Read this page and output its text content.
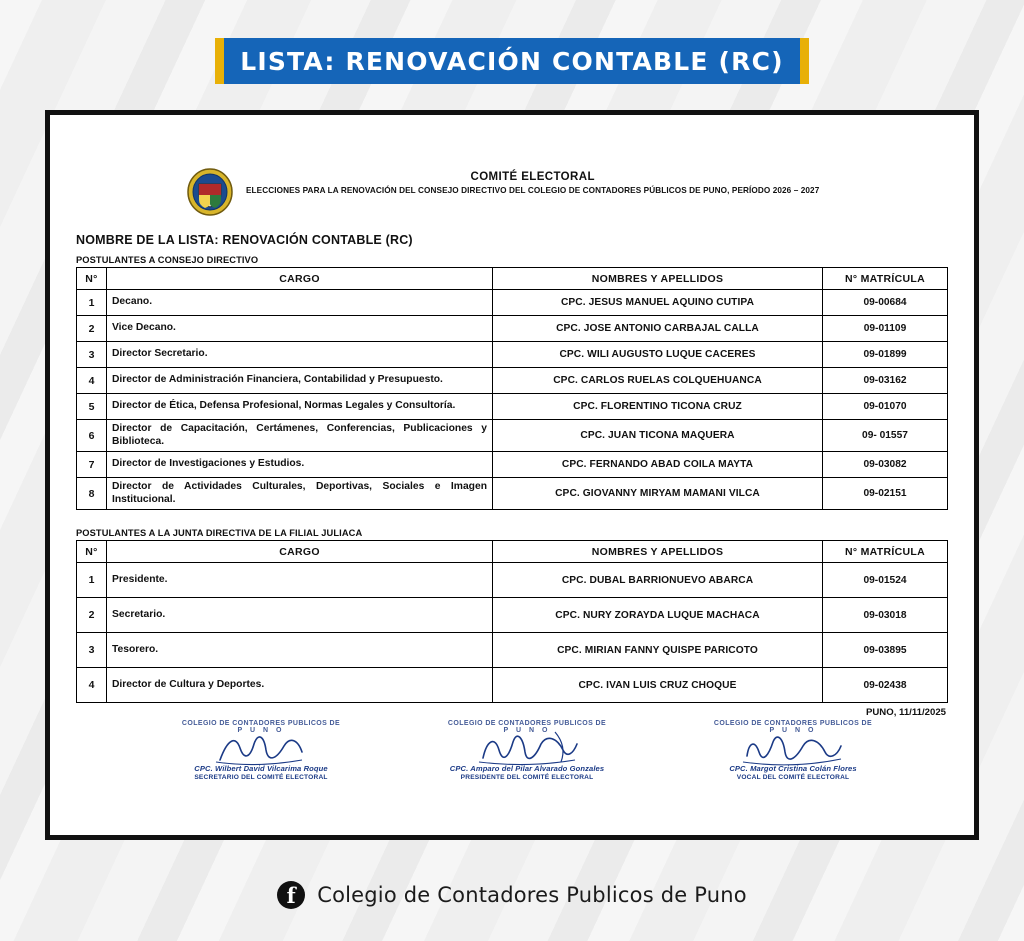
LISTA: RENOVACIÓN CONTABLE (RC)
COMITÉ ELECTORAL
ELECCIONES PARA LA RENOVACIÓN DEL CONSEJO DIRECTIVO DEL COLEGIO DE CONTADORES PÚBLICOS DE PUNO, PERÍODO 2026 – 2027
NOMBRE DE LA LISTA: RENOVACIÓN CONTABLE (RC)
POSTULANTES A CONSEJO DIRECTIVO
N°	CARGO	NOMBRES Y APELLIDOS	N° MATRÍCULA
1	Decano.	CPC. JESUS MANUEL AQUINO CUTIPA	09-00684
2	Vice Decano.	CPC. JOSE ANTONIO CARBAJAL CALLA	09-01109
3	Director Secretario.	CPC. WILI AUGUSTO LUQUE CACERES	09-01899
4	Director de Administración Financiera, Contabilidad y Presupuesto.	CPC. CARLOS RUELAS COLQUEHUANCA	09-03162
5	Director de Ética, Defensa Profesional, Normas Legales y Consultoría.	CPC. FLORENTINO TICONA CRUZ	09-01070
6	Director de Capacitación, Certámenes, Conferencias, Publicaciones y Biblioteca.	CPC. JUAN TICONA MAQUERA	09- 01557
7	Director de Investigaciones y Estudios.	CPC. FERNANDO ABAD COILA MAYTA	09-03082
8	Director de Actividades Culturales, Deportivas, Sociales e Imagen Institucional.	CPC. GIOVANNY MIRYAM MAMANI VILCA	09-02151
POSTULANTES A LA JUNTA DIRECTIVA DE LA FILIAL JULIACA
N°	CARGO	NOMBRES Y APELLIDOS	N° MATRÍCULA
1	Presidente.	CPC. DUBAL BARRIONUEVO ABARCA	09-01524
2	Secretario.	CPC. NURY ZORAYDA LUQUE MACHACA	09-03018
3	Tesorero.	CPC. MIRIAN FANNY QUISPE PARICOTO	09-03895
4	Director de Cultura y Deportes.	CPC. IVAN LUIS CRUZ CHOQUE	09-02438
PUNO, 11/11/2025
COLEGIO DE CONTADORES PUBLICOS DE
P U N O
CPC. Wilbert David Vilcarima Roque
SECRETARIO DEL COMITÉ ELECTORAL
COLEGIO DE CONTADORES PUBLICOS DE
P U N O
CPC. Amparo del Pilar Alvarado Gonzales
PRESIDENTE DEL COMITÉ ELECTORAL
COLEGIO DE CONTADORES PUBLICOS DE
P U N O
CPC. Margot Cristina Colán Flores
VOCAL DEL COMITÉ ELECTORAL
f	Colegio de Contadores Publicos de Puno
